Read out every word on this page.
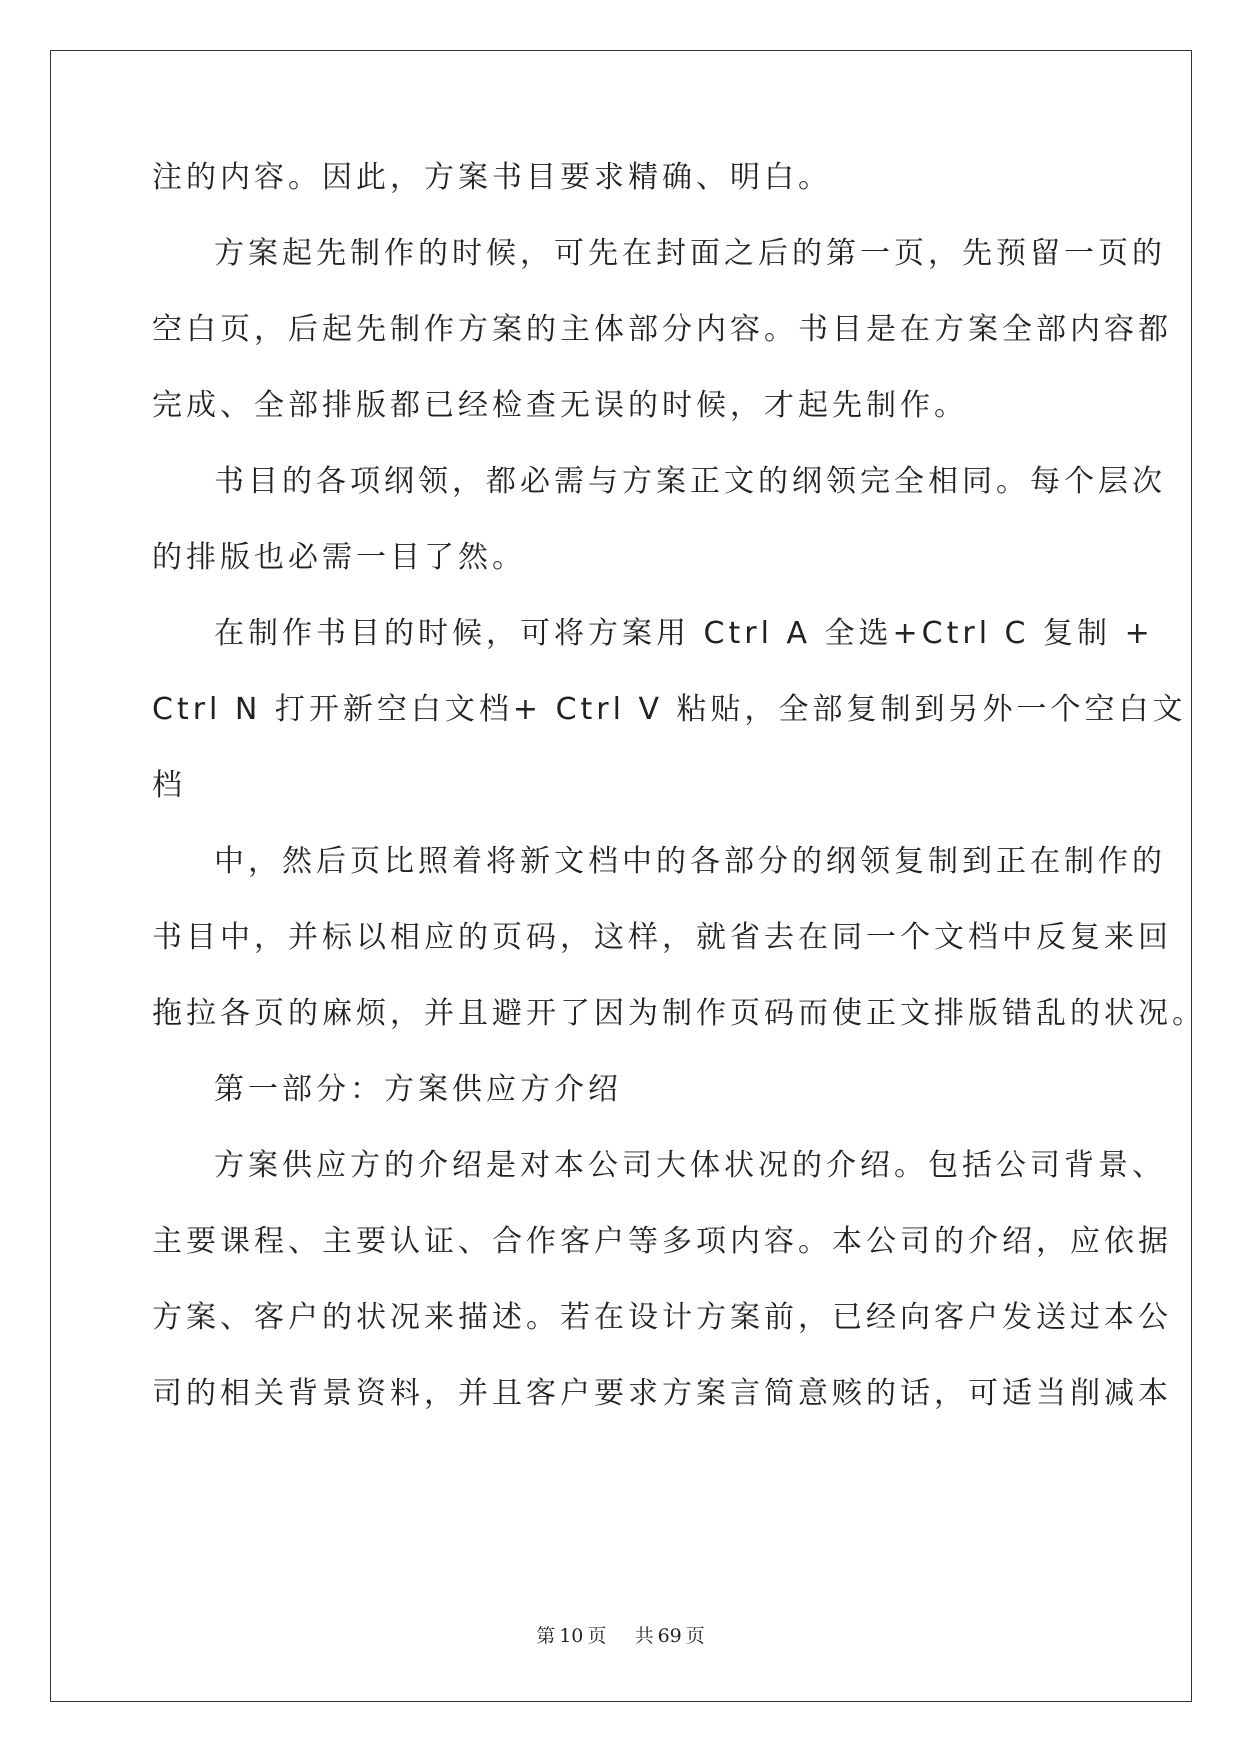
注的内容。因此，方案书目要求精确、明白。
方案起先制作的时候，可先在封面之后的第一页，先预留一页的
空白页，后起先制作方案的主体部分内容。书目是在方案全部内容都
完成、全部排版都已经检查无误的时候，才起先制作。
书目的各项纲领，都必需与方案正文的纲领完全相同。每个层次
的排版也必需一目了然。
在制作书目的时候，可将方案用 Ctrl A 全选+Ctrl C 复制 +
Ctrl N 打开新空白文档+ Ctrl V 粘贴，全部复制到另外一个空白文
档
中，然后页比照着将新文档中的各部分的纲领复制到正在制作的
书目中，并标以相应的页码，这样，就省去在同一个文档中反复来回
拖拉各页的麻烦，并且避开了因为制作页码而使正文排版错乱的状况。
第一部分：方案供应方介绍
方案供应方的介绍是对本公司大体状况的介绍。包括公司背景、
主要课程、主要认证、合作客户等多项内容。本公司的介绍，应依据
方案、客户的状况来描述。若在设计方案前，已经向客户发送过本公
司的相关背景资料，并且客户要求方案言简意赅的话，可适当削减本
第 10 页 共 69 页
